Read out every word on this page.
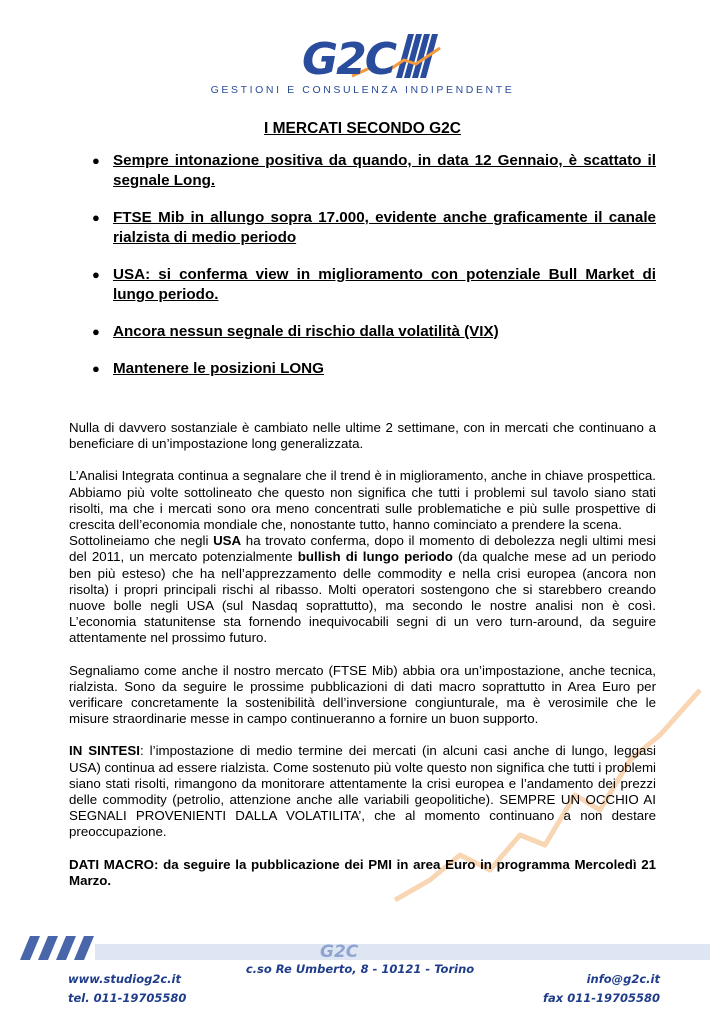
G2C
GESTIONI E CONSULENZA INDIPENDENTE
I MERCATI SECONDO G2C
● Sempre intonazione positiva da quando, in data 12 Gennaio, è scattato il segnale Long.
● FTSE Mib in allungo sopra 17.000, evidente anche graficamente il canale rialzista di medio periodo
● USA: si conferma view in miglioramento con potenziale Bull Market di lungo periodo.
● Ancora nessun segnale di rischio dalla volatilità (VIX)
● Mantenere le posizioni LONG

Nulla di davvero sostanziale è cambiato nelle ultime 2 settimane, con in mercati che continuano a beneficiare di un’impostazione long generalizzata.

L’Analisi Integrata continua a segnalare che il trend è in miglioramento, anche in chiave prospettica. Abbiamo più volte sottolineato che questo non significa che tutti i problemi sul tavolo siano stati risolti, ma che i mercati sono ora meno concentrati sulle problematiche e più sulle prospettive di crescita dell’economia mondiale che, nonostante tutto, hanno cominciato a prendere la scena.

Sottolineiamo che negli USA ha trovato conferma, dopo il momento di debolezza negli ultimi mesi del 2011, un mercato potenzialmente bullish di lungo periodo (da qualche mese ad un periodo ben più esteso) che ha nell’apprezzamento delle commodity e nella crisi europea (ancora non risolta) i propri principali rischi al ribasso. Molti operatori sostengono che si starebbero creando nuove bolle negli USA (sul Nasdaq soprattutto), ma secondo le nostre analisi non è così. L’economia statunitense sta fornendo inequivocabili segni di un vero turn-around, da seguire attentamente nel prossimo futuro.

Segnaliamo come anche il nostro mercato (FTSE Mib) abbia ora un’impostazione, anche tecnica, rialzista. Sono da seguire le prossime pubblicazioni di dati macro soprattutto in Area Euro per verificare concretamente la sostenibilità dell’inversione congiunturale, ma è verosimile che le misure straordinarie messe in campo continueranno a fornire un buon supporto.

IN SINTESI: l’impostazione di medio termine dei mercati (in alcuni casi anche di lungo, leggasi USA) continua ad essere rialzista. Come sostenuto più volte questo non significa che tutti i problemi siano stati risolti, rimangono da monitorare attentamente la crisi europea e l’andamento dei prezzi delle commodity (petrolio, attenzione anche alle variabili geopolitiche). SEMPRE UN OCCHIO AI SEGNALI PROVENIENTI DALLA VOLATILITA’, che al momento continuano a non destare preoccupazione.

DATI MACRO: da seguire la pubblicazione dei PMI in area Euro in programma Mercoledì 21 Marzo.

G2C
www.studiog2c.it
c.so Re Umberto, 8 - 10121 - Torino
info@g2c.it
tel. 011-19705580	fax 011-19705580
